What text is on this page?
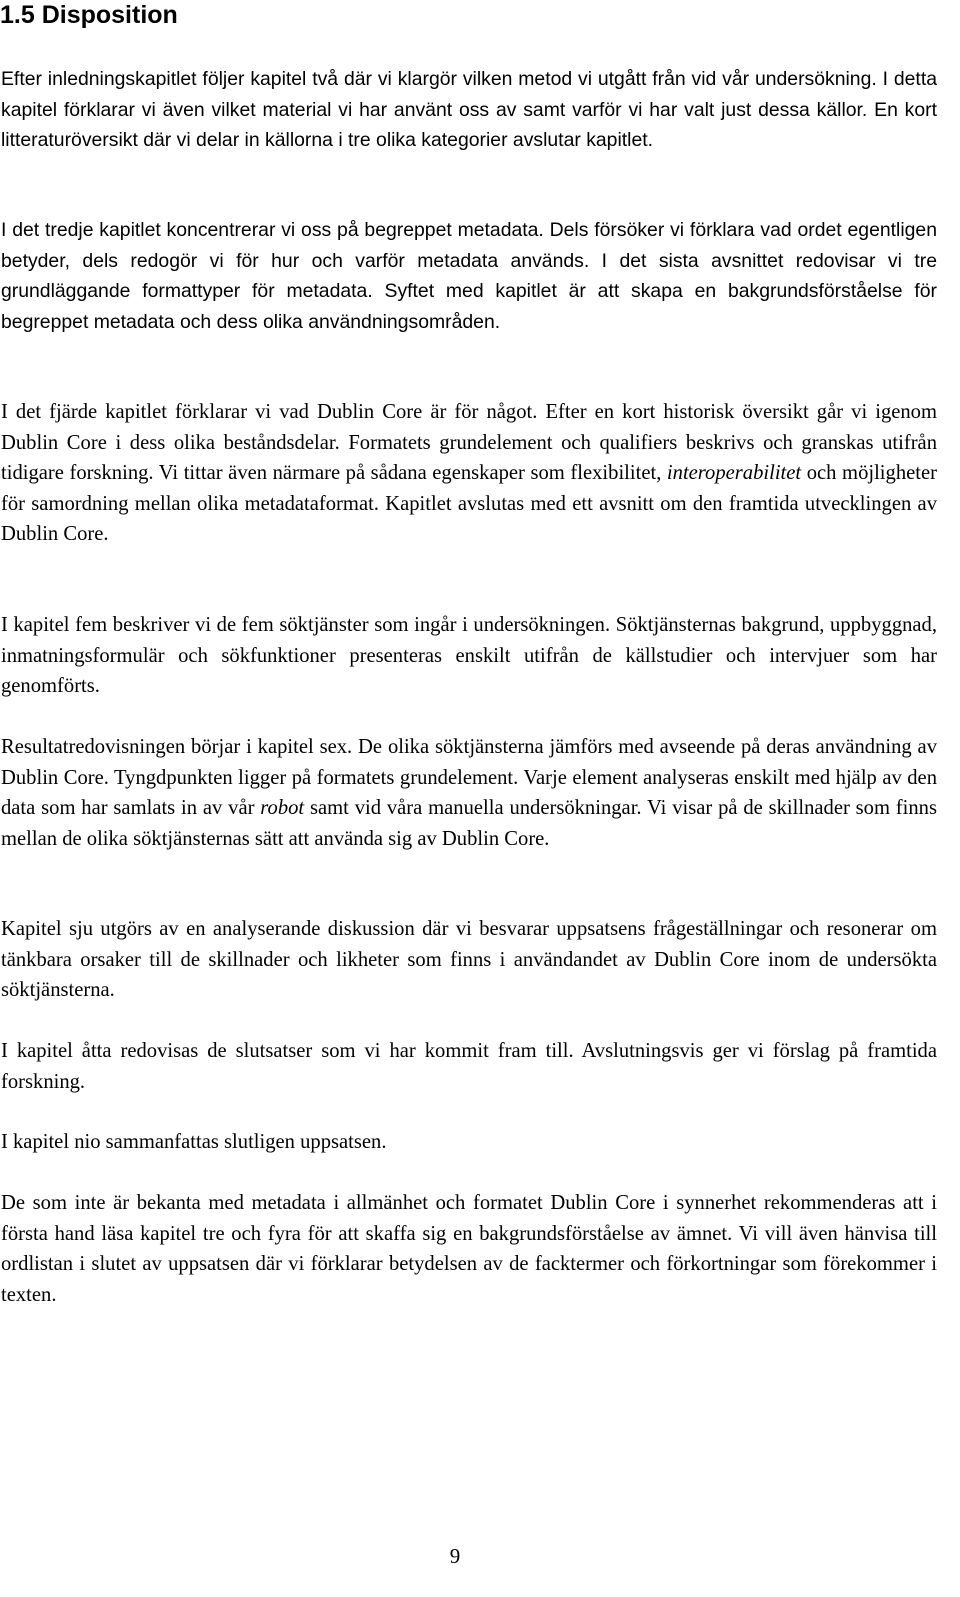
1.5 Disposition

Efter inledningskapitlet följer kapitel två där vi klargör vilken metod vi utgått från vid vår undersökning. I detta kapitel förklarar vi även vilket material vi har använt oss av samt varför vi har valt just dessa källor. En kort litteraturöversikt där vi delar in källorna i tre olika kategorier avslutar kapitlet.

I det tredje kapitlet koncentrerar vi oss på begreppet metadata. Dels försöker vi förklara vad ordet egentligen betyder, dels redogör vi för hur och varför metadata används. I det sista avsnittet redovisar vi tre grundläggande formattyper för metadata. Syftet med kapitlet är att skapa en bakgrundsförståelse för begreppet metadata och dess olika användningsområden.

I det fjärde kapitlet förklarar vi vad Dublin Core är för något. Efter en kort historisk översikt går vi igenom Dublin Core i dess olika beståndsdelar. Formatets grundelement och qualifiers beskrivs och granskas utifrån tidigare forskning. Vi tittar även närmare på sådana egenskaper som flexibilitet, interoperabilitet och möjligheter för samordning mellan olika metadataformat. Kapitlet avslutas med ett avsnitt om den framtida utvecklingen av Dublin Core.

I kapitel fem beskriver vi de fem söktjänster som ingår i undersökningen. Söktjänsternas bakgrund, uppbyggnad, inmatningsformulär och sökfunktioner presenteras enskilt utifrån de källstudier och intervjuer som har genomförts.

Resultatredovisningen börjar i kapitel sex. De olika söktjänsterna jämförs med avseende på deras användning av Dublin Core. Tyngdpunkten ligger på formatets grundelement. Varje element analyseras enskilt med hjälp av den data som har samlats in av vår robot samt vid våra manuella undersökningar. Vi visar på de skillnader som finns mellan de olika söktjänsternas sätt att använda sig av Dublin Core.

Kapitel sju utgörs av en analyserande diskussion där vi besvarar uppsatsens frågeställningar och resonerar om tänkbara orsaker till de skillnader och likheter som finns i användandet av Dublin Core inom de undersökta söktjänsterna.

I kapitel åtta redovisas de slutsatser som vi har kommit fram till. Avslutningsvis ger vi förslag på framtida forskning.

I kapitel nio sammanfattas slutligen uppsatsen.

De som inte är bekanta med metadata i allmänhet och formatet Dublin Core i synnerhet rekommenderas att i första hand läsa kapitel tre och fyra för att skaffa sig en bakgrundsförståelse av ämnet. Vi vill även hänvisa till ordlistan i slutet av uppsatsen där vi förklarar betydelsen av de facktermer och förkortningar som förekommer i texten.

9
